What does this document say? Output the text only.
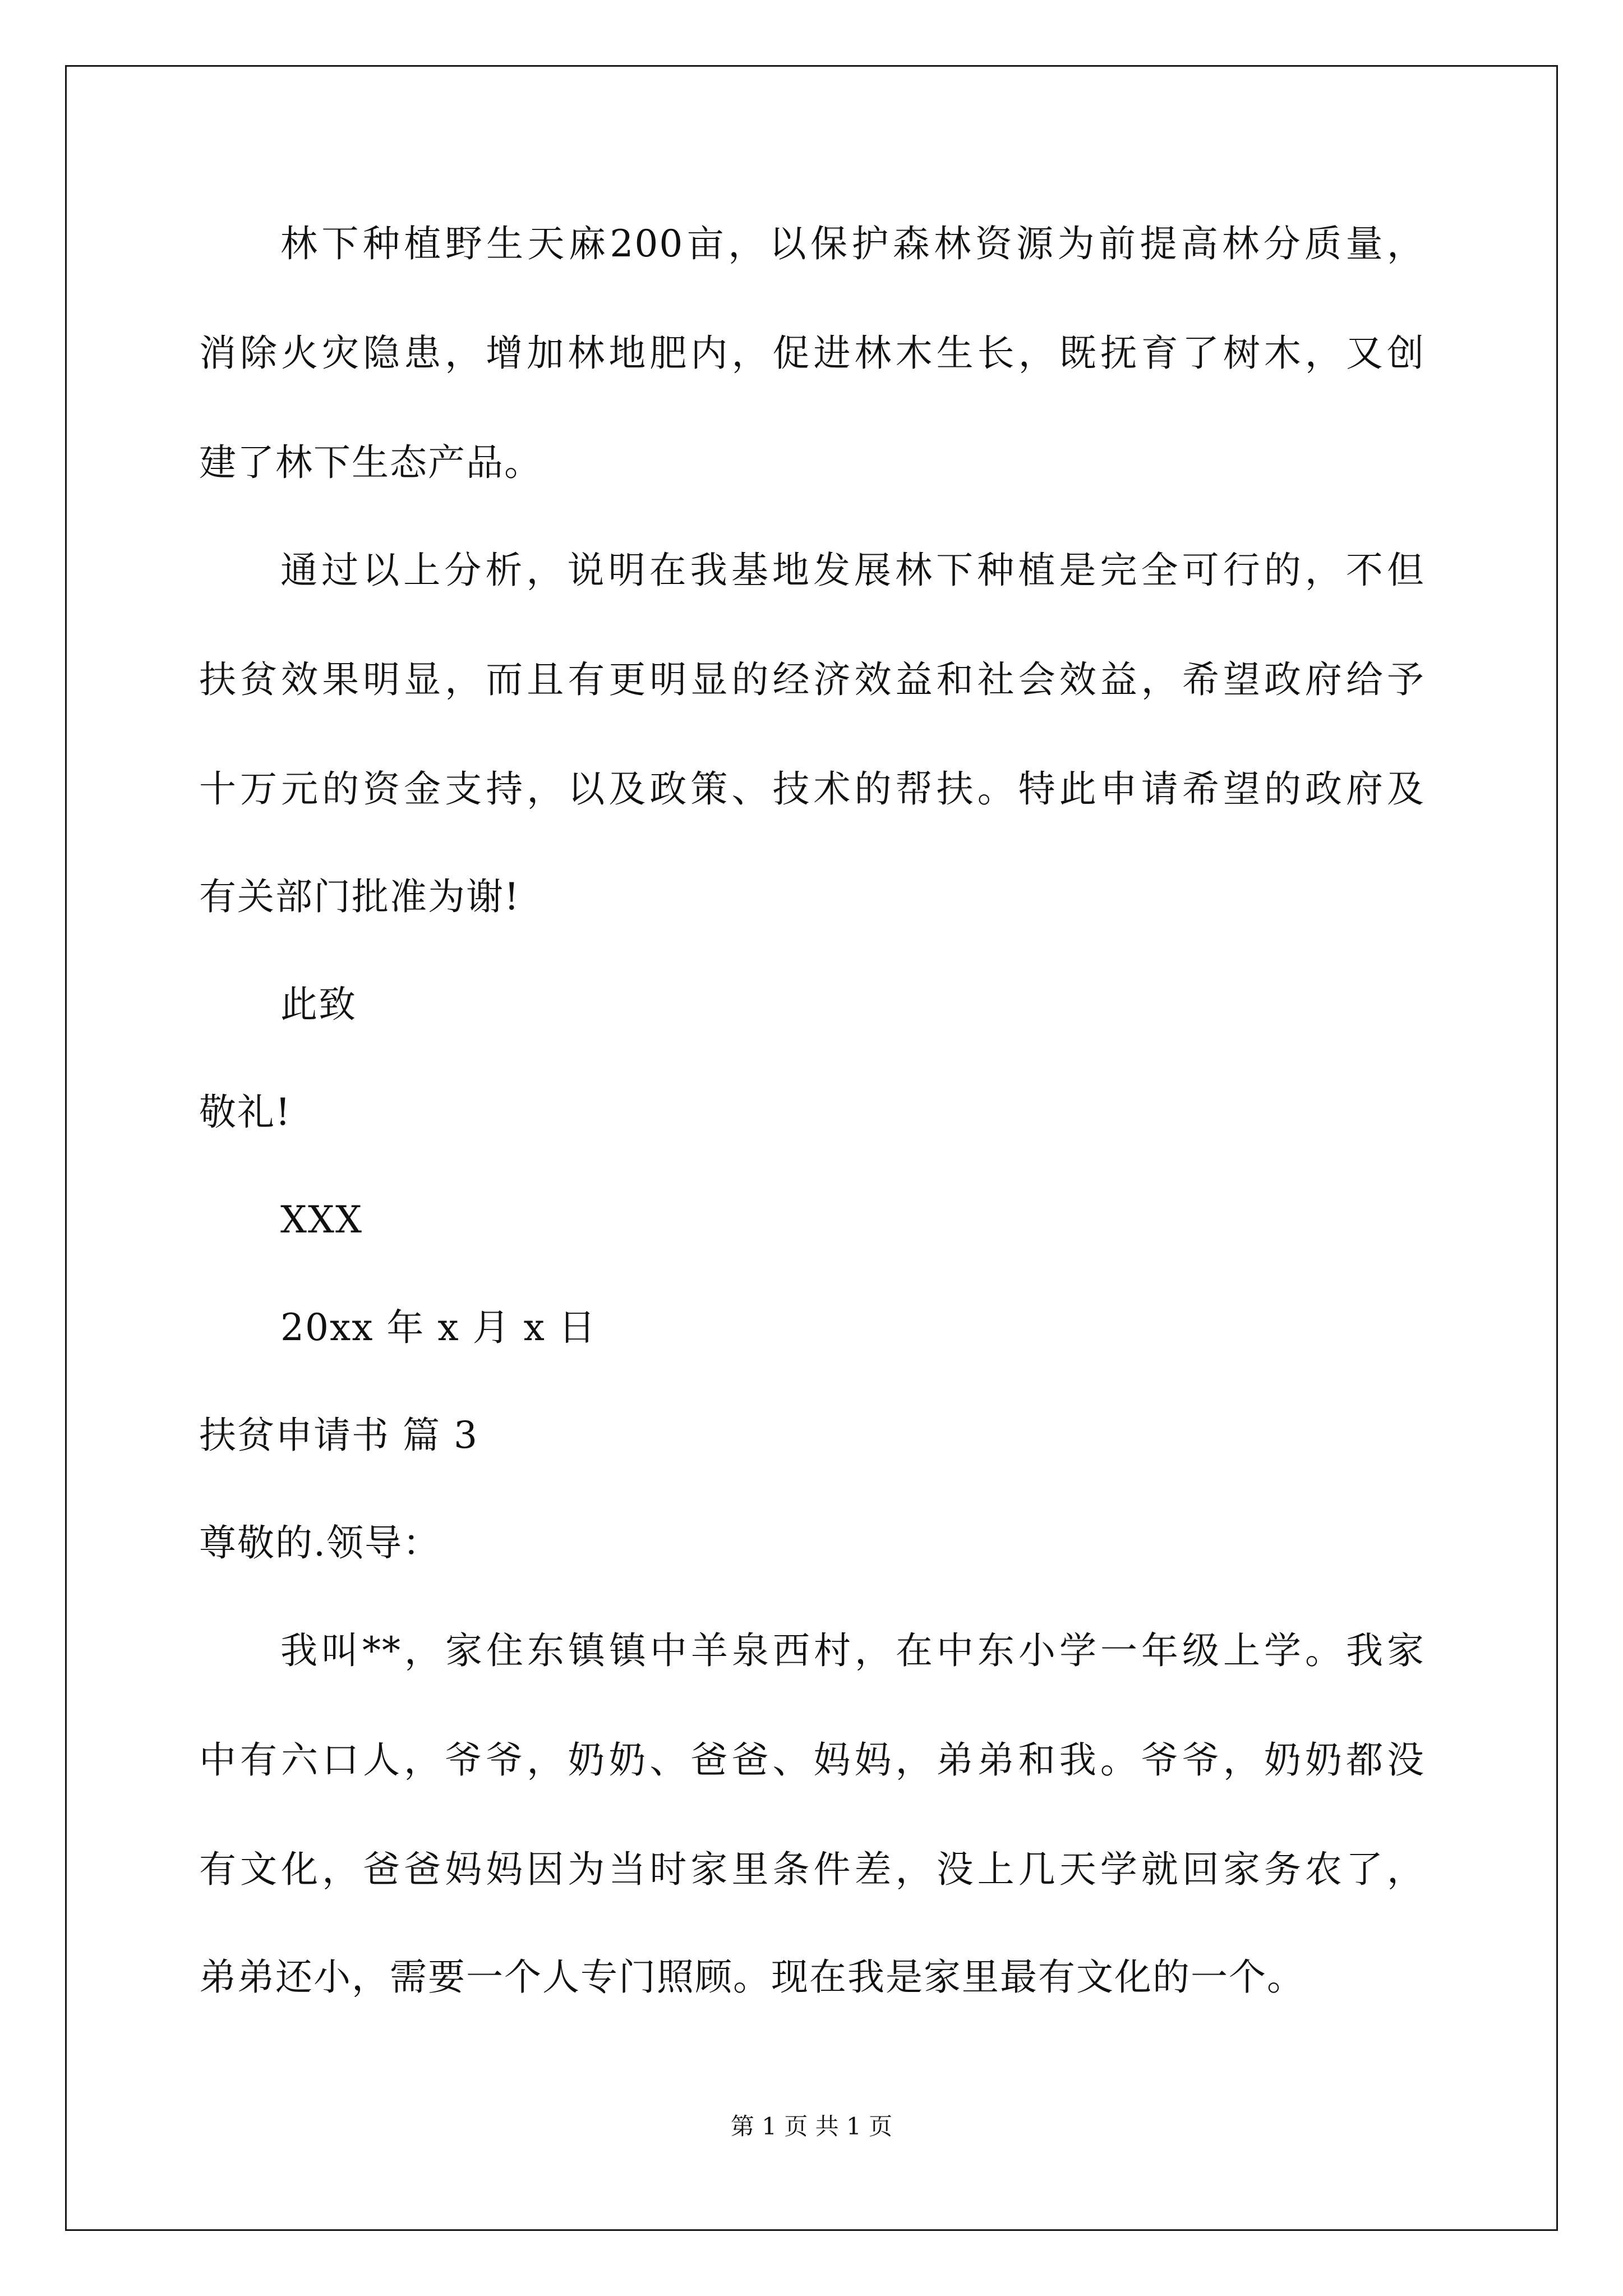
林下种植野生天麻200亩，以保护森林资源为前提高林分质量，
消除火灾隐患，增加林地肥内，促进林木生长，既抚育了树木，又创
建了林下生态产品。
通过以上分析，说明在我基地发展林下种植是完全可行的，不但
扶贫效果明显，而且有更明显的经济效益和社会效益，希望政府给予
十万元的资金支持，以及政策、技术的帮扶。特此申请希望的政府及
有关部门批准为谢!
此致
敬礼!
XXX
20xx 年 x 月 x 日
扶贫申请书 篇 3
尊敬的.领导：
我叫**，家住东镇镇中羊泉西村，在中东小学一年级上学。我家
中有六口人，爷爷，奶奶、爸爸、妈妈，弟弟和我。爷爷，奶奶都没
有文化，爸爸妈妈因为当时家里条件差，没上几天学就回家务农了，
弟弟还小，需要一个人专门照顾。现在我是家里最有文化的一个。
第 1 页 共 1 页
